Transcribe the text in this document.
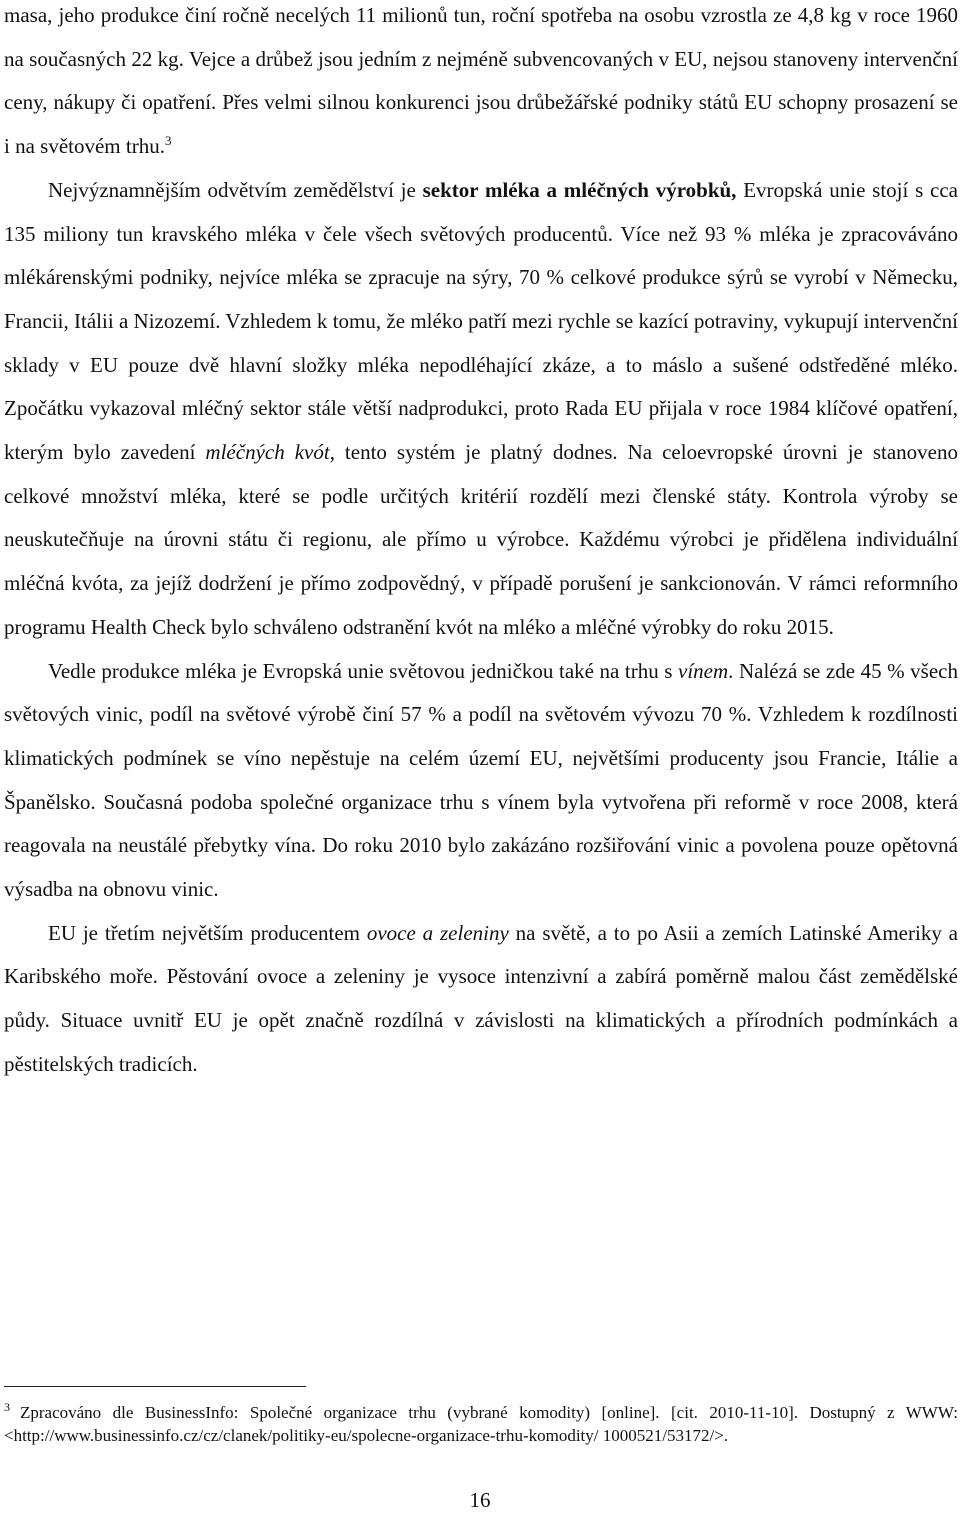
masa, jeho produkce činí ročně necelých 11 milionů tun, roční spotřeba na osobu vzrostla ze 4,8 kg v roce 1960 na současných 22 kg. Vejce a drůbež jsou jedním z nejméně subvencovaných v EU, nejsou stanoveny intervenční ceny, nákupy či opatření. Přes velmi silnou konkurenci jsou drůbežářské podniky států EU schopny prosazení se i na světovém trhu.$^3$

Nejvýznamnějším odvětvím zemědělství je sektor mléka a mléčných výrobků, Evropská unie stojí s cca 135 miliony tun kravského mléka v čele všech světových producentů. Více než 93 % mléka je zpracováváno mlékárenskými podniky, nejvíce mléka se zpracuje na sýry, 70 % celkové produkce sýrů se vyrobí v Německu, Francii, Itálii a Nizozemí. Vzhledem k tomu, že mléko patří mezi rychle se kazící potraviny, vykupují intervenční sklady v EU pouze dvě hlavní složky mléka nepodléhající zkáze, a to máslo a sušené odstředěné mléko. Zpočátku vykazoval mléčný sektor stále větší nadprodukci, proto Rada EU přijala v roce 1984 klíčové opatření, kterým bylo zavedení mléčných kvót, tento systém je platný dodnes. Na celoevropské úrovni je stanoveno celkové množství mléka, které se podle určitých kritérií rozdělí mezi členské státy. Kontrola výroby se neuskutečňuje na úrovni státu či regionu, ale přímo u výrobce. Každému výrobci je přidělena individuální mléčná kvóta, za jejíž dodržení je přímo zodpovědný, v případě porušení je sankcionován. V rámci reformního programu Health Check bylo schváleno odstranění kvót na mléko a mléčné výrobky do roku 2015.

Vedle produkce mléka je Evropská unie světovou jedničkou také na trhu s vínem. Nalézá se zde 45 % všech světových vinic, podíl na světové výrobě činí 57 % a podíl na světovém vývozu 70 %. Vzhledem k rozdílnosti klimatických podmínek se víno nepěstuje na celém území EU, největšími producenty jsou Francie, Itálie a Španělsko. Současná podoba společné organizace trhu s vínem byla vytvořena při reformě v roce 2008, která reagovala na neustálé přebytky vína. Do roku 2010 bylo zakázáno rozšiřování vinic a povolena pouze opětovná výsadba na obnovu vinic.

EU je třetím největším producentem ovoce a zeleniny na světě, a to po Asii a zemích Latinské Ameriky a Karibského moře. Pěstování ovoce a zeleniny je vysoce intenzivní a zabírá poměrně malou část zemědělské půdy. Situace uvnitř EU je opět značně rozdílná v závislosti na klimatických a přírodních podmínkách a pěstitelských tradicích.

$^3$ Zpracováno dle BusinessInfo: Společné organizace trhu (vybrané komodity) [online]. [cit. 2010-11-10]. Dostupný z WWW: <http://www.businessinfo.cz/cz/clanek/politiky-eu/spolecne-organizace-trhu-komodity/ 1000521/53172/>.

16
